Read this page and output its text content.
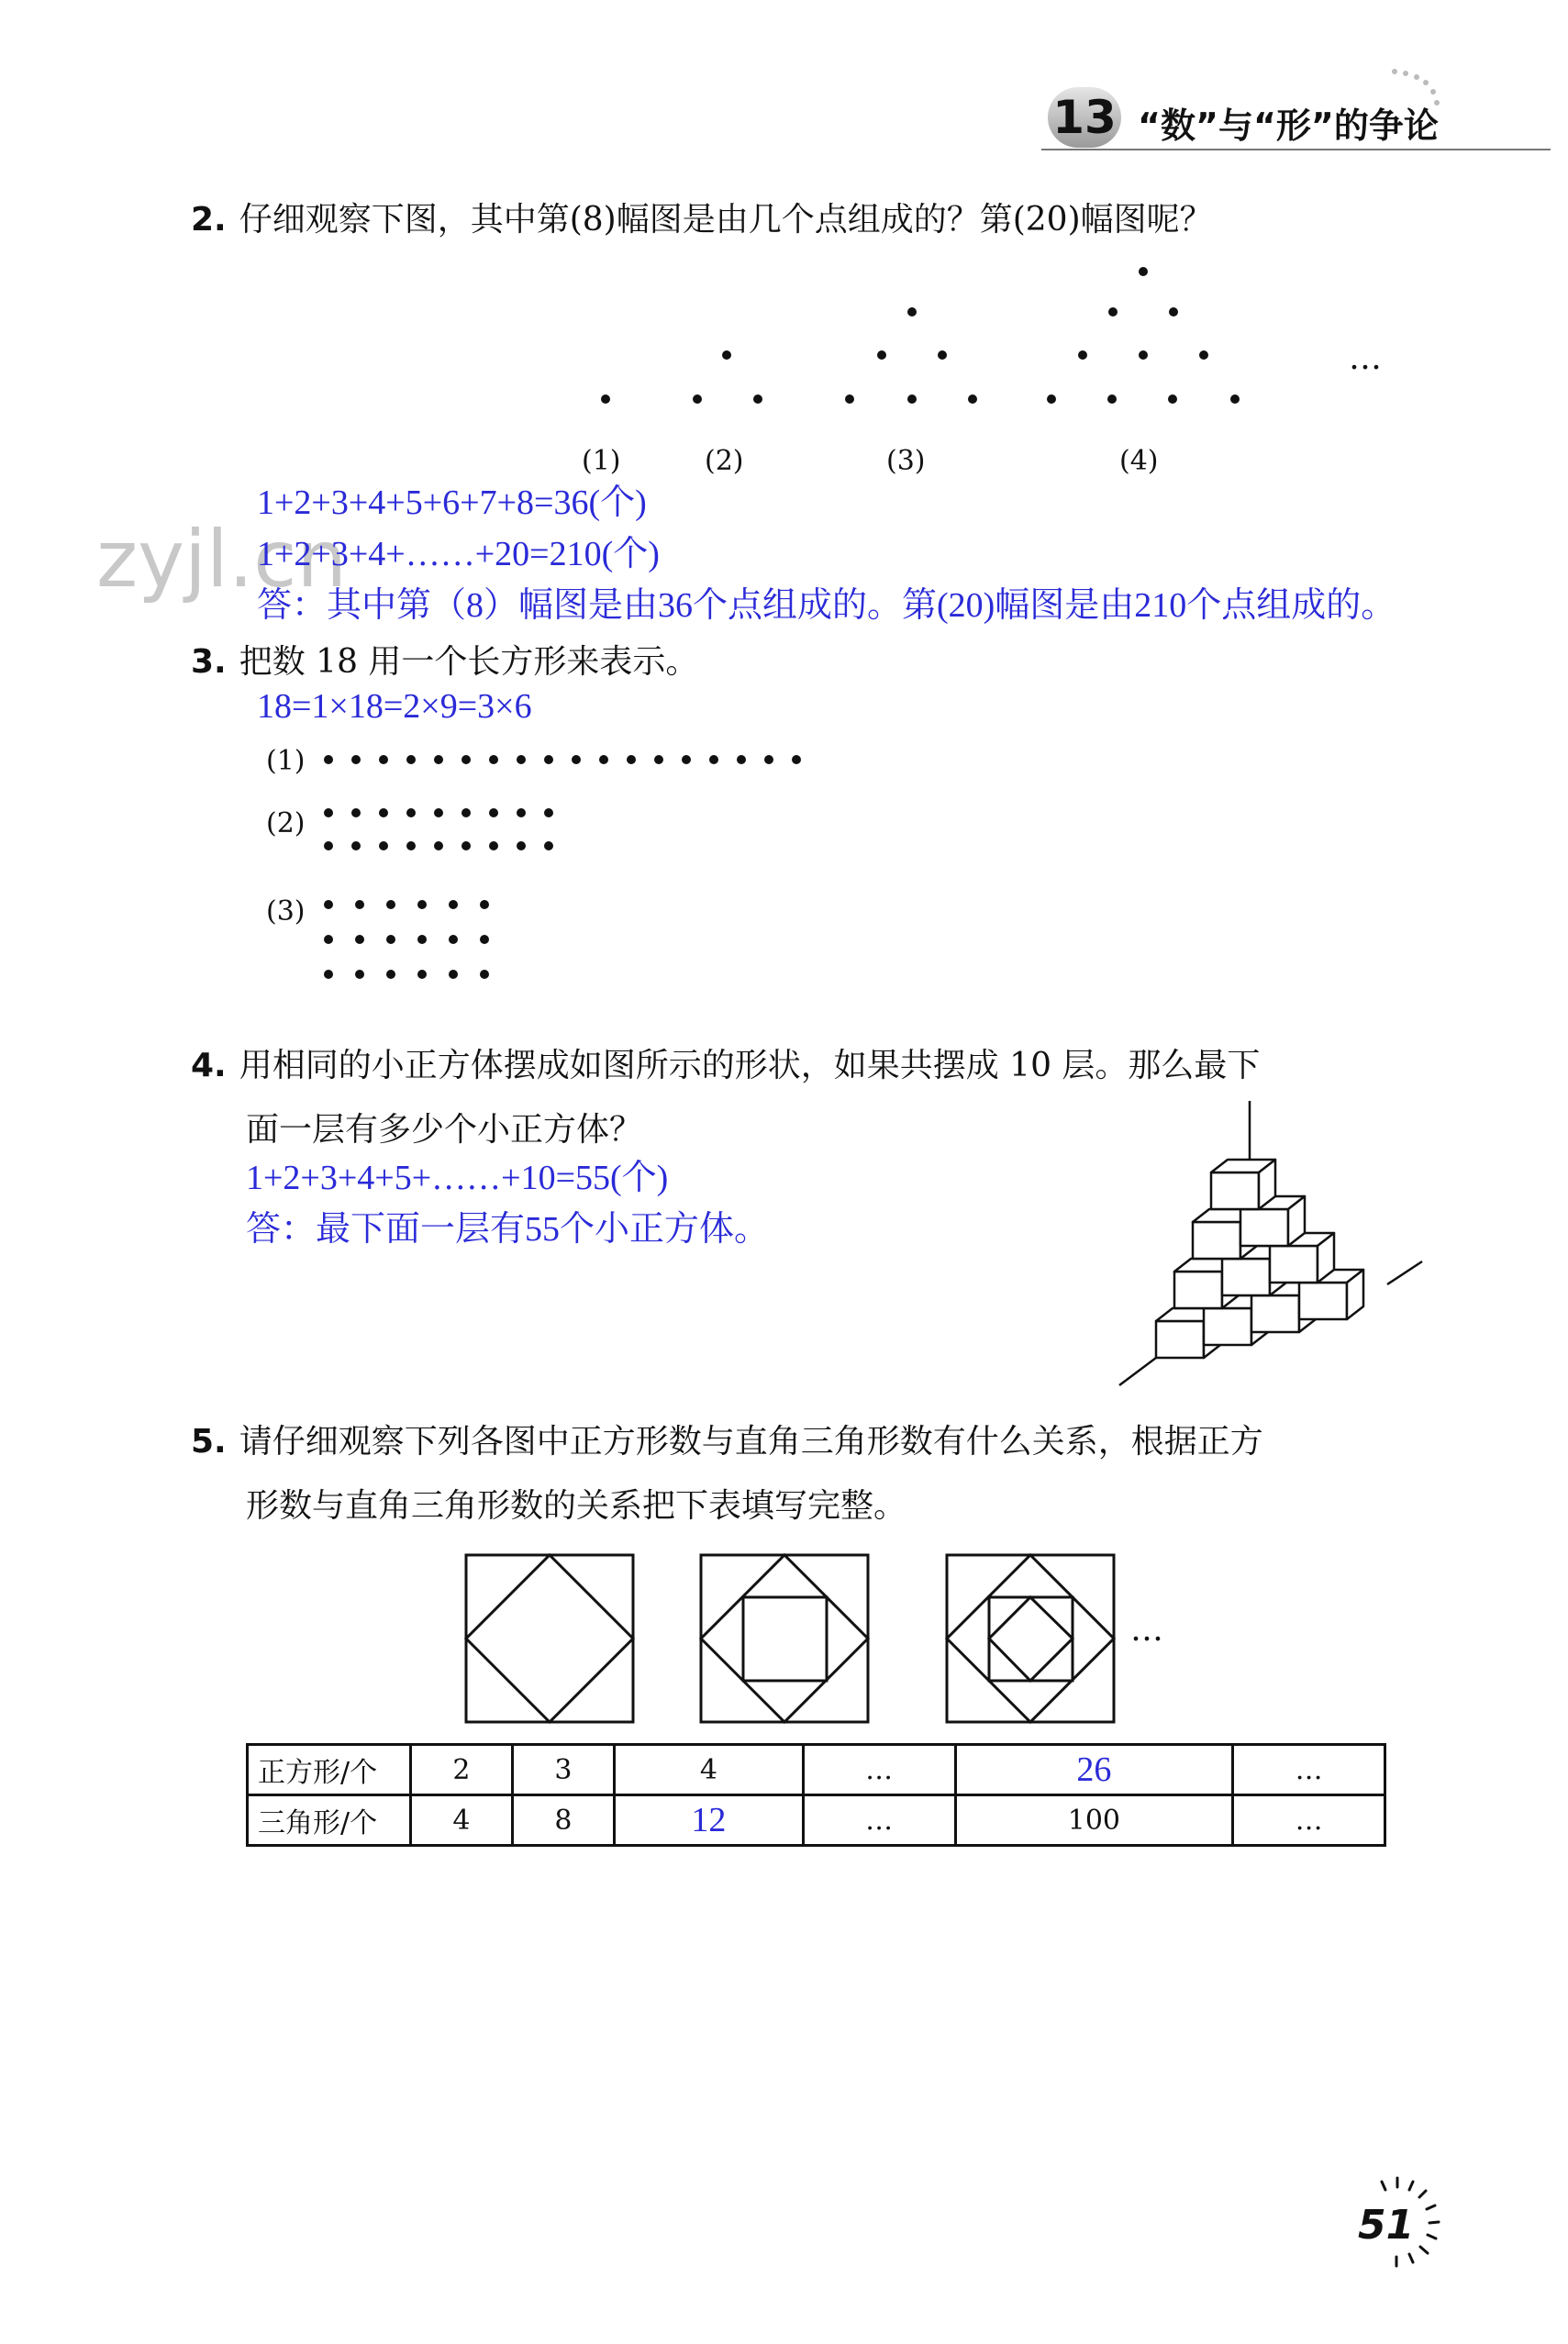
13 “数”与“形”的争论
zyjl.cn
2. 仔细观察下图，其中第(8)幅图是由几个点组成的？第(20)幅图呢？
…
(1)	(2)	(3)	(4)
1+2+3+4+5+6+7+8=36(个)
1+2+3+4+……+20=210(个)
答：其中第（8）幅图是由36个点组成的。第(20)幅图是由210个点组成的。
3. 把数 18 用一个长方形来表示。
18=1×18=2×9=3×6
(1)
(2)
(3)
4. 用相同的小正方体摆成如图所示的形状，如果共摆成 10 层。那么最下
面一层有多少个小正方体？
1+2+3+4+5+……+10=55(个)
答：最下面一层有55个小正方体。
5. 请仔细观察下列各图中正方形数与直角三角形数有什么关系，根据正方
形数与直角三角形数的关系把下表填写完整。
…
正方形/个	2	3	4	…	26	…
三角形/个	4	8	12	…	100	…
51
